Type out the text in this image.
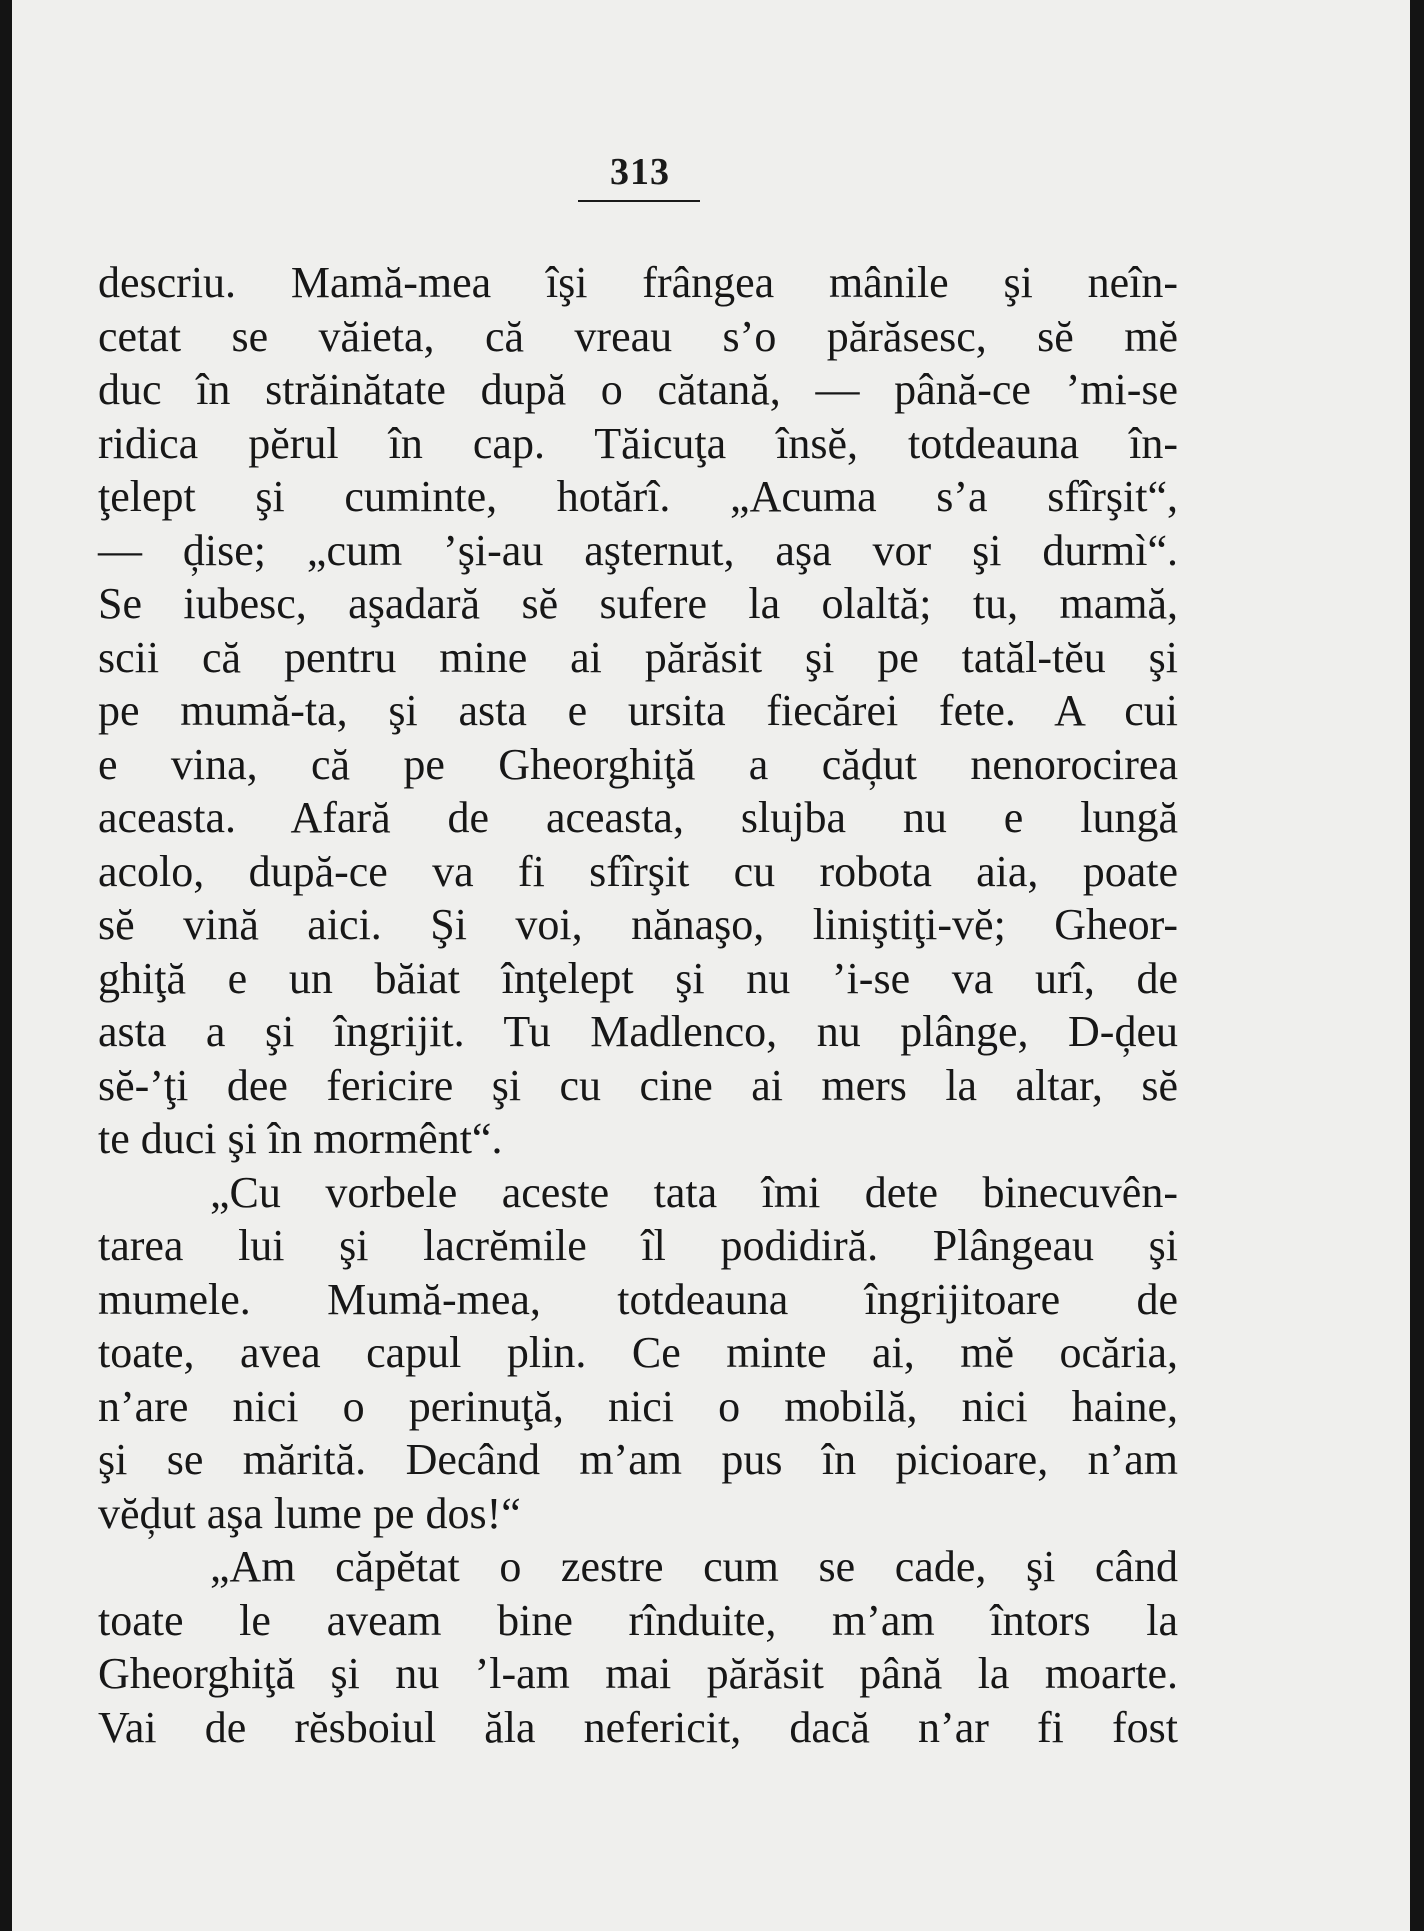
313
descriu. Mamă-mea îşi frângea mânile şi neîn-
cetat se văieta, că vreau s’o părăsesc, sĕ mĕ
duc în străinătate după o cătană, — până-ce ’mi-se
ridica pĕrul în cap. Tăicuţa însĕ, totdeauna în-
ţelept şi cuminte, hotărî. „Acuma s’a sfîrşit“,
— ḑise; „cum ’şi-au aşternut, aşa vor şi durmì“.
Se iubesc, aşadară sĕ sufere la olaltă; tu, mamă,
scii că pentru mine ai părăsit şi pe tatăl-tĕu şi
pe mumă-ta, şi asta e ursita fiecărei fete. A cui
e vina, că pe Gheorghiţă a căḑut nenorocirea
aceasta. Afară de aceasta, slujba nu e lungă
acolo, după-ce va fi sfîrşit cu robota aia, poate
sĕ vină aici. Şi voi, nănaşo, liniştiţi-vĕ; Gheor-
ghiţă e un băiat înţelept şi nu ’i-se va urî, de
asta a şi îngrijit. Tu Madlenco, nu plânge, D-ḑeu
sĕ-’ţi dee fericire şi cu cine ai mers la altar, sĕ
te duci şi în mormênt“.
„Cu vorbele aceste tata îmi dete binecuvên-
tarea lui şi lacrĕmile îl podidiră. Plângeau şi
mumele. Mumă-mea, totdeauna îngrijitoare de
toate, avea capul plin. Ce minte ai, mĕ ocăria,
n’are nici o perinuţă, nici o mobilă, nici haine,
şi se mărită. Decând m’am pus în picioare, n’am
vĕḑut aşa lume pe dos!“
„Am căpĕtat o zestre cum se cade, şi când
toate le aveam bine rînduite, m’am întors la
Gheorghiţă şi nu ’l-am mai părăsit până la moarte.
Vai de rĕsboiul ăla nefericit, dacă n’ar fi fost
